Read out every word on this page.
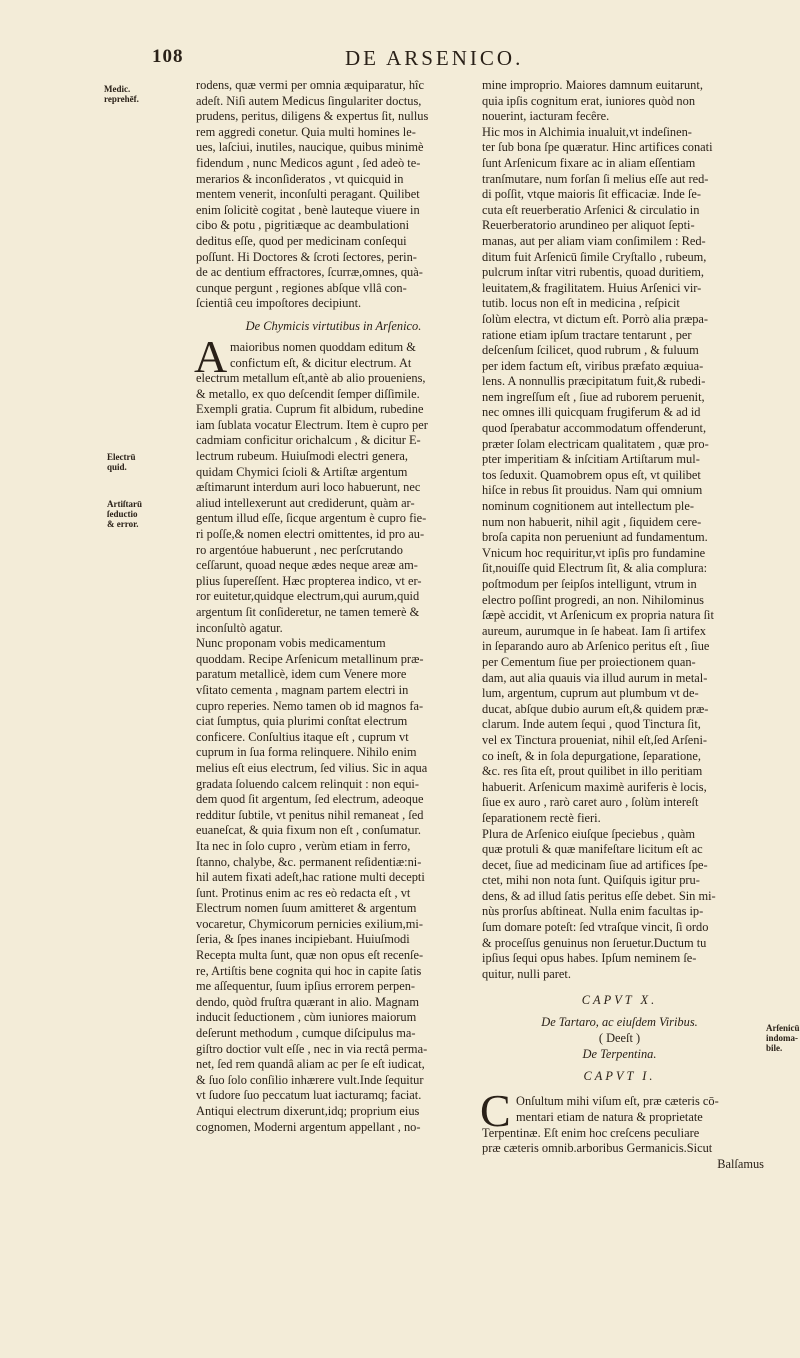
108	DE ARSENICO.
Medic.
reprehēf.
Electrū
quid.
Artiſtarū
ſeductio
& error.
Arſenicū
indoma-
bile.
rodens, quæ vermi per omnia æquiparatur, hîc
adeſt. Niſi autem Medicus ſingulariter doctus,
prudens, peritus, diligens & expertus ſit, nullus
rem aggredi conetur. Quia multi homines le-
ues, laſciui, inutiles, naucique, quibus minimè
fidendum , nunc Medicos agunt , ſed adeò te-
merarios & inconſideratos , vt quicquid in
mentem venerit, inconſulti peragant. Quilibet
enim ſolicitè cogitat , benè lauteque viuere in
cibo & potu , pigritiæque ac deambulationi
deditus eſſe, quod per medicinam conſequi
poſſunt. Hi Doctores & ſcroti ſectores, perin-
de ac dentium effractores, ſcurræ,omnes, quà-
cunque pergunt , regiones abſque vllâ con-
ſcientiâ ceu impoſtores decipiunt.
De Chymicis virtutibus in Arſenico.
A maioribus nomen quoddam editum &
confictum eſt, & dicitur electrum. At
electrum metallum eſt,antè ab alio proueniens,
& metallo, ex quo deſcendit ſemper diſſimile.
Exempli gratia. Cuprum fit albidum, rubedine
iam ſublata vocatur Electrum. Item è cupro per
cadmiam conficitur orichalcum , & dicitur E-
lectrum rubeum. Huiuſmodi electri genera,
quidam Chymici ſcioli & Artiſtæ argentum
æſtimarunt interdum auri loco habuerunt, nec
aliud intellexerunt aut crediderunt, quàm ar-
gentum illud eſſe, ſicque argentum è cupro fie-
ri poſſe,& nomen electri omittentes, id pro au-
ro argentóue habuerunt , nec perſcrutando
ceſſarunt, quoad neque ædes neque areæ am-
plius ſupereſſent. Hæc propterea indico, vt er-
ror euitetur,quidque electrum,qui aurum,quid
argentum ſit conſideretur, ne tamen temerè &
inconſultò agatur.
Nunc proponam vobis medicamentum
quoddam. Recipe Arſenicum metallinum præ-
paratum metallicè, idem cum Venere more
vſitato cementa , magnam partem electri in
cupro reperies. Nemo tamen ob id magnos fa-
ciat ſumptus, quia plurimi conſtat electrum
conficere. Conſultius itaque eſt , cuprum vt
cuprum in ſua forma relinquere. Nihilo enim
melius eſt eius electrum, ſed vilius. Sic in aqua
gradata ſoluendo calcem relinquit : non equi-
dem quod ſit argentum, ſed electrum, adeoque
redditur ſubtile, vt penitus nihil remaneat , ſed
euaneſcat, & quia fixum non eſt , conſumatur.
Ita nec in ſolo cupro , verùm etiam in ferro,
ſtanno, chalybe, &c. permanent reſidentiæ:ni-
hil autem fixati adeſt,hac ratione multi decepti
ſunt. Protinus enim ac res eò redacta eſt , vt
Electrum nomen ſuum amitteret & argentum
vocaretur, Chymicorum pernicies exilium,mi-
ſeria, & ſpes inanes incipiebant. Huiuſmodi
Recepta multa ſunt, quæ non opus eſt recenſe-
re, Artiſtis bene cognita qui hoc in capite ſatis
me aſſequentur, ſuum ipſius errorem perpen-
dendo, quòd fruſtra quærant in alio. Magnam
inducit ſeductionem , cùm iuniores maiorum
deſerunt methodum , cumque diſcipulus ma-
giſtro doctior vult eſſe , nec in via rectâ perma-
net, ſed rem quandâ aliam ac per ſe eſt iudicat,
& ſuo ſolo conſilio inhærere vult.Inde ſequitur
vt ſudore ſuo peccatum luat iacturamq; faciat.
Antiqui electrum dixerunt,idq; proprium eius
cognomen, Moderni argentum appellant , no-
mine improprio. Maiores damnum euitarunt,
quia ipſis cognitum erat, iuniores quòd non
nouerint, iacturam fecêre.
Hic mos in Alchimia inualuit,vt indeſinen-
ter ſub bona ſpe quæratur. Hinc artifices conati
ſunt Arſenicum fixare ac in aliam eſſentiam
tranſmutare, num forſan ſi melius eſſe aut red-
di poſſit, vtque maioris ſit efficaciæ. Inde ſe-
cuta eſt reuerberatio Arſenici & circulatio in
Reuerberatorio arundineo per aliquot ſepti-
manas, aut per aliam viam conſimilem : Red-
ditum fuit Arſenicū ſimile Cryſtallo , rubeum,
pulcrum inſtar vitri rubentis, quoad duritiem,
leuitatem,& fragilitatem. Huius Arſenici vir-
tutib. locus non eſt in medicina , reſpicit
ſolùm electra, vt dictum eſt. Porrò alia præpa-
ratione etiam ipſum tractare tentarunt , per
deſcenſum ſcilicet, quod rubrum , & fuluum
per idem factum eſt, viribus præfato æquiua-
lens. A nonnullis præcipitatum fuit,& rubedi-
nem ingreſſum eſt , ſiue ad ruborem peruenit,
nec omnes illi quicquam frugiferum & ad id
quod ſperabatur accommodatum offenderunt,
præter ſolam electricam qualitatem , quæ pro-
pter imperitiam & inſcitiam Artiſtarum mul-
tos ſeduxit. Quamobrem opus eſt, vt quilibet
hiſce in rebus ſit prouidus. Nam qui omnium
nominum cognitionem aut intellectum ple-
num non habuerit, nihil agit , ſiquidem cere-
broſa capita non perueniunt ad fundamentum.
Vnicum hoc requiritur,vt ipſis pro fundamine
ſit,nouiſſe quid Electrum ſit, & alia complura:
poſtmodum per ſeipſos intelligunt, vtrum in
electro poſſint progredi, an non. Nihilominus
ſæpè accidit, vt Arſenicum ex propria natura ſit
aureum, aurumque in ſe habeat. Iam ſi artifex
in ſeparando auro ab Arſenico peritus eſt , ſiue
per Cementum ſiue per proiectionem quan-
dam, aut alia quauis via illud aurum in metal-
lum, argentum, cuprum aut plumbum vt de-
ducat, abſque dubio aurum eſt,& quidem præ-
clarum. Inde autem ſequi , quod Tinctura ſit,
vel ex Tinctura proueniat, nihil eſt,ſed Arſeni-
co ineſt, & in ſola depurgatione, ſeparatione,
&c. res ſita eſt, prout quilibet in illo peritiam
habuerit. Arſenicum maximè auriferis è locis,
ſiue ex auro , rarò caret auro , ſolùm intereſt
ſeparationem rectè fieri.
Plura de Arſenico eiuſque ſpeciebus , quàm
quæ protuli & quæ manifeſtare licitum eſt ac
decet, ſiue ad medicinam ſiue ad artifices ſpe-
ctet, mihi non nota ſunt. Quiſquis igitur pru-
dens, & ad illud ſatis peritus eſſe debet. Sin mi-
nùs prorſus abſtineat. Nulla enim facultas ip-
ſum domare poteſt: ſed vtraſque vincit, ſi ordo
& proceſſus genuinus non ſeruetur.Ductum tu
ipſius ſequi opus habes. Ipſum neminem ſe-
quitur, nulli paret.
CAPVT X.
De Tartaro, ac eiuſdem Viribus.
( Deeſt )
De Terpentina.
CAPVT I.
C Onſultum mihi viſum eſt, præ cæteris cō-
mentari etiam de natura & proprietate
Terpentinæ. Eſt enim hoc creſcens peculiare
præ cæteris omnib.arboribus Germanicis.Sicut
Balſamus
